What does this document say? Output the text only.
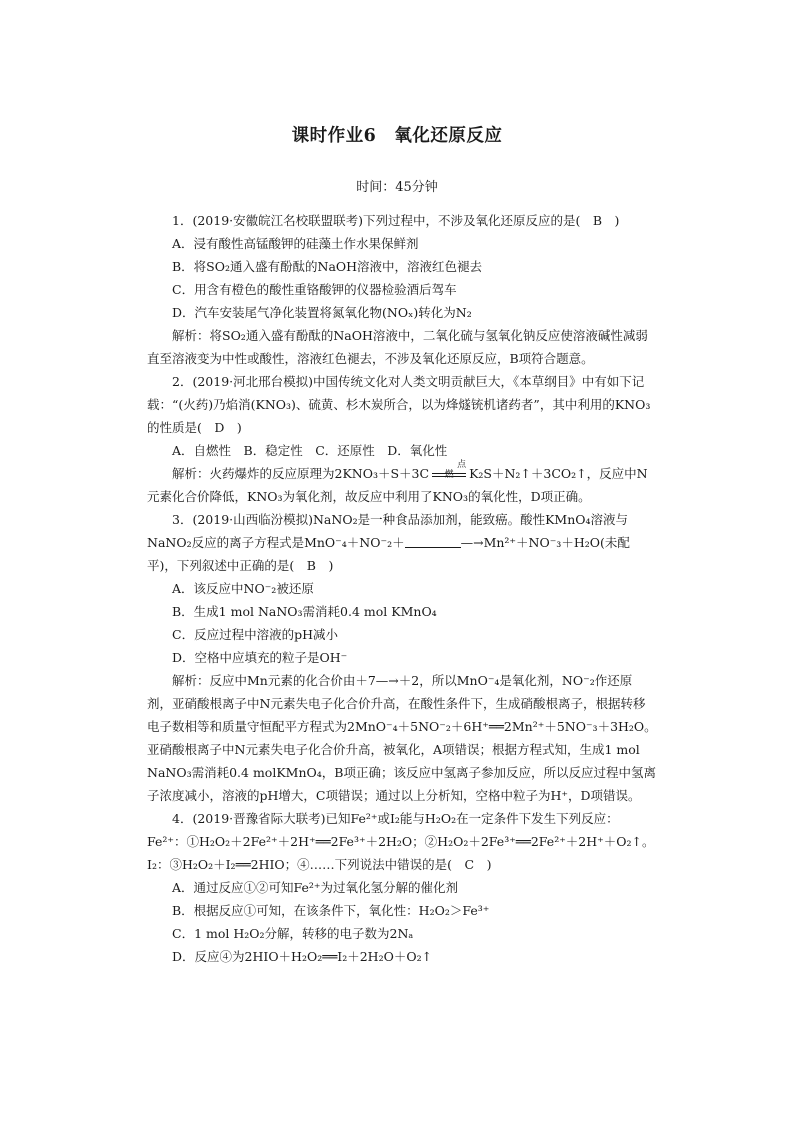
课时作业6　氧化还原反应
时间：45分钟

1．(2019·安徽皖江名校联盟联考)下列过程中，不涉及氧化还原反应的是(　B　)

A．浸有酸性高锰酸钾的硅藻土作水果保鲜剂

B．将SO₂通入盛有酚酞的NaOH溶液中，溶液红色褪去

C．用含有橙色的酸性重铬酸钾的仪器检验酒后驾车

D．汽车安装尾气净化装置将氮氧化物(NOₓ)转化为N₂

解析：将SO₂通入盛有酚酞的NaOH溶液中，二氧化硫与氢氧化钠反应使溶液碱性减弱直至溶液变为中性或酸性，溶液红色褪去，不涉及氧化还原反应，B项符合题意。

2．(2019·河北邢台模拟)中国传统文化对人类文明贡献巨大，《本草纲目》中有如下记载：“(火药)乃焰消(KNO₃)、硫黄、杉木炭所合，以为烽燧铳机诸药者”，其中利用的KNO₃的性质是(　D　)

A．自燃性　B．稳定性　C．还原性　D．氧化性

解析：火药爆炸的反应原理为2KNO₃＋S＋3C
点燃	K₂S＋N₂↑＋3CO₂↑，反应中N元素化合价降低，KNO₃为氧化剂，故反应中利用了KNO₃的氧化性，D项正确。

3．(2019·山西临汾模拟)NaNO₂是一种食品添加剂，能致癌。酸性KMnO₄溶液与NaNO₂反应的离子方程式是MnO⁻₄＋NO⁻₂＋	—→Mn²⁺＋NO⁻₃＋H₂O(未配平)，下列叙述中正确的是(　B　)

A．该反应中NO⁻₂被还原

B．生成1 mol NaNO₃需消耗0.4 mol KMnO₄

C．反应过程中溶液的pH减小

D．空格中应填充的粒子是OH⁻

解析：反应中Mn元素的化合价由＋7—→＋2，所以MnO⁻₄是氧化剂，NO⁻₂作还原剂，亚硝酸根离子中N元素失电子化合价升高，在酸性条件下，生成硝酸根离子，根据转移电子数相等和质量守恒配平方程式为2MnO⁻₄＋5NO⁻₂＋6H⁺══2Mn²⁺＋5NO⁻₃＋3H₂O。亚硝酸根离子中N元素失电子化合价升高，被氧化，A项错误；根据方程式知，生成1 mol NaNO₃需消耗0.4 molKMnO₄，B项正确；该反应中氢离子参加反应，所以反应过程中氢离子浓度减小，溶液的pH增大，C项错误；通过以上分析知，空格中粒子为H⁺，D项错误。

4．(2019·晋豫省际大联考)已知Fe²⁺或I₂能与H₂O₂在一定条件下发生下列反应：Fe²⁺：①H₂O₂＋2Fe²⁺＋2H⁺══2Fe³⁺＋2H₂O；②H₂O₂＋2Fe³⁺══2Fe²⁺＋2H⁺＋O₂↑。I₂：③H₂O₂＋I₂══2HIO；④……下列说法中错误的是(　C　)

A．通过反应①②可知Fe²⁺为过氧化氢分解的催化剂

B．根据反应①可知，在该条件下，氧化性：H₂O₂＞Fe³⁺

C．1 mol H₂O₂分解，转移的电子数为2Nₐ

D．反应④为2HIO＋H₂O₂══I₂＋2H₂O＋O₂↑
